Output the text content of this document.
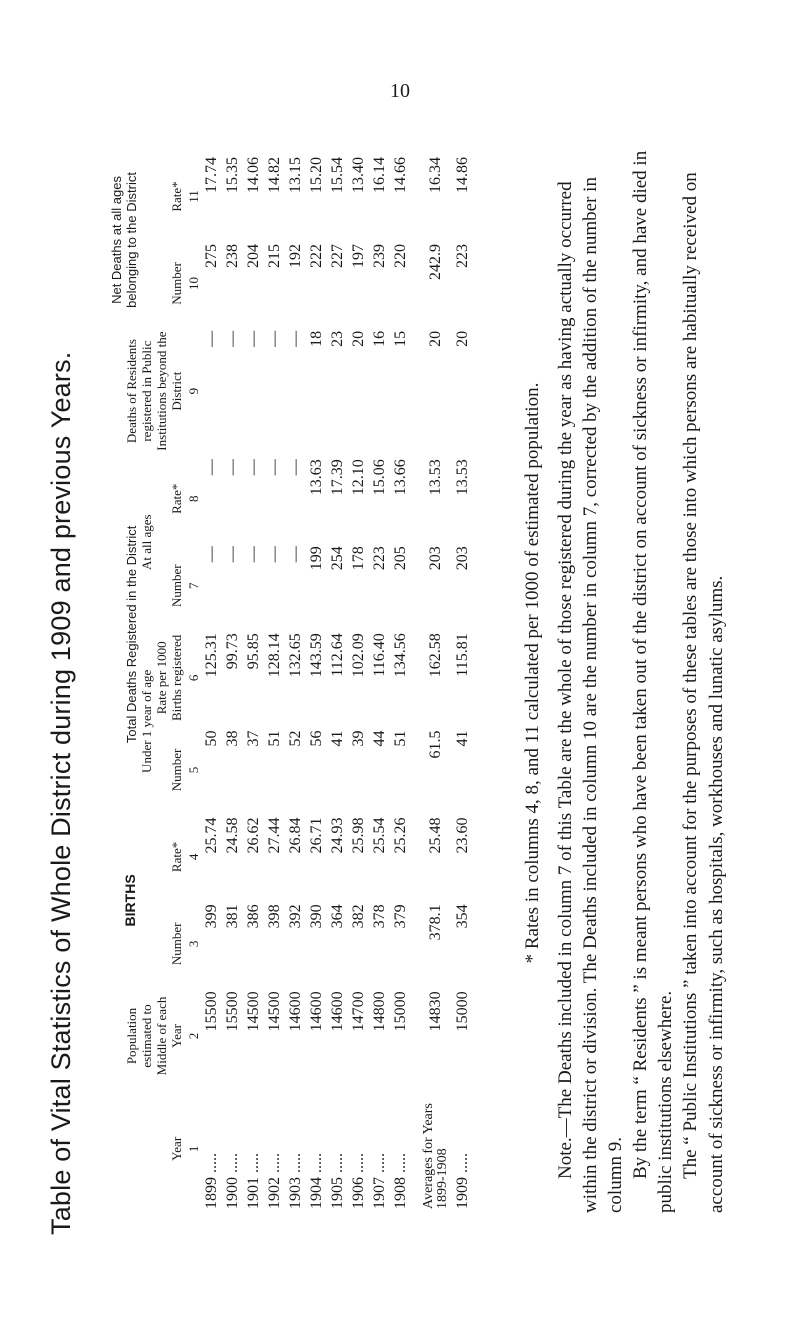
10
Table of Vital Statistics of Whole District during 1909 and previous Years.	Year	Population estimated to Middle of each Year	BIRTHS		Total Deaths Registered in the District				Deaths of Residents registered in Public Institutions beyond the District	Net Deaths at all ages belonging to the District	
		Number	Rate*	Under 1 year of age		At all ages			Number	Rate*
				Number	Rate per 1000 Births registered	Number	Rate*			
1	2	3	4	5	6	7	8	9	10	11
1899 .....	15500	399	25.74	50	125.31	—	—	—	275	17.74
1900 .....	15500	381	24.58	38	99.73	—	—	—	238	15.35
1901 .....	14500	386	26.62	37	95.85	—	—	—	204	14.06
1902 .....	14500	398	27.44	51	128.14	—	—	—	215	14.82
1903 .....	14600	392	26.84	52	132.65	—	—	—	192	13.15
1904 .....	14600	390	26.71	56	143.59	199	13.63	18	222	15.20
1905 .....	14600	364	24.93	41	112.64	254	17.39	23	227	15.54
1906 .....	14700	382	25.98	39	102.09	178	12.10	20	197	13.40
1907 .....	14800	378	25.54	44	116.40	223	15.06	16	239	16.14
1908 .....	15000	379	25.26	51	134.56	205	13.66	15	220	14.66
Averages for Years 1899-1908	14830	378.1	25.48	61.5	162.58	203	13.53	20	242.9	16.34
1909 .....	15000	354	23.60	41	115.81	203	13.53	20	223	14.86

* Rates in columns 4, 8, and 11 calculated per 1000 of estimated population. Note.—The Deaths included in column 7 of this Table are the whole of those registered during the year as having actually occurred within the district or division. The Deaths included in column 10 are the number in column 7, corrected by the addition of the number in column 9. By the term “ Residents ” is meant persons who have been taken out of the district on account of sickness or infirmity, and have died in public institutions elsewhere. The “ Public Institutions ” taken into account for the purposes of these tables are those into which persons are habitually received on account of sickness or infirmity, such as hospitals, workhouses and lunatic asylums.
